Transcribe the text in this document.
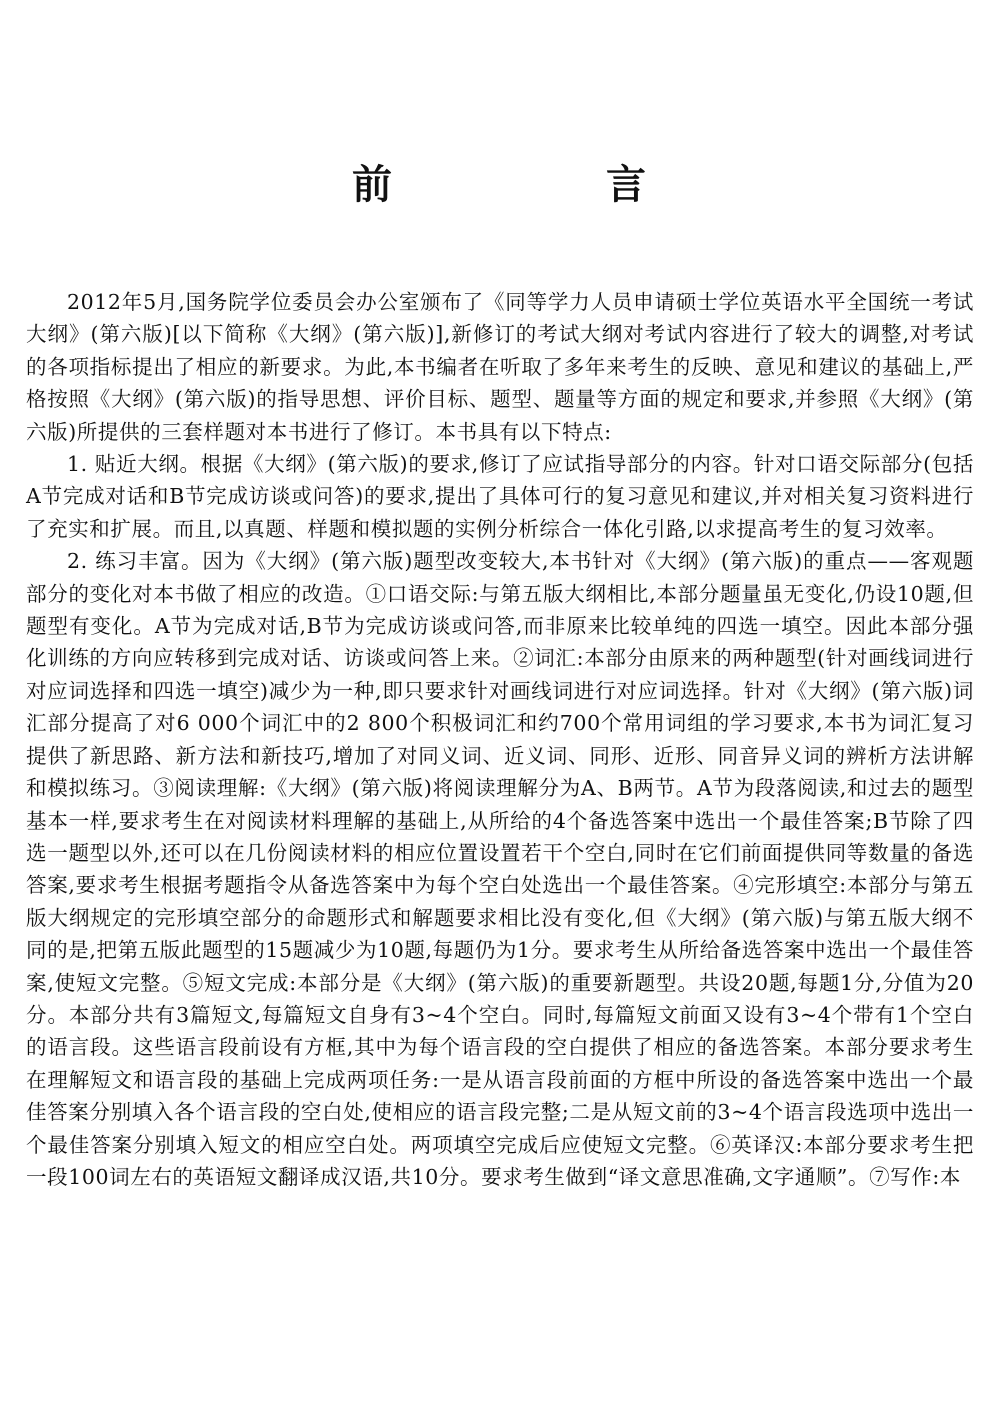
前 言

2012年5月,国务院学位委员会办公室颁布了《同等学力人员申请硕士学位英语水平全国统一考试大纲》(第六版)[以下简称《大纲》(第六版)],新修订的考试大纲对考试内容进行了较大的调整,对考试的各项指标提出了相应的新要求。为此,本书编者在听取了多年来考生的反映、意见和建议的基础上,严格按照《大纲》(第六版)的指导思想、评价目标、题型、题量等方面的规定和要求,并参照《大纲》(第六版)所提供的三套样题对本书进行了修订。本书具有以下特点:

1. 贴近大纲。根据《大纲》(第六版)的要求,修订了应试指导部分的内容。针对口语交际部分(包括A节完成对话和B节完成访谈或问答)的要求,提出了具体可行的复习意见和建议,并对相关复习资料进行了充实和扩展。而且,以真题、样题和模拟题的实例分析综合一体化引路,以求提高考生的复习效率。

2. 练习丰富。因为《大纲》(第六版)题型改变较大,本书针对《大纲》(第六版)的重点——客观题部分的变化对本书做了相应的改造。①口语交际:与第五版大纲相比,本部分题量虽无变化,仍设10题,但题型有变化。A节为完成对话,B节为完成访谈或问答,而非原来比较单纯的四选一填空。因此本部分强化训练的方向应转移到完成对话、访谈或问答上来。②词汇:本部分由原来的两种题型(针对画线词进行对应词选择和四选一填空)减少为一种,即只要求针对画线词进行对应词选择。针对《大纲》(第六版)词汇部分提高了对6 000个词汇中的2 800个积极词汇和约700个常用词组的学习要求,本书为词汇复习提供了新思路、新方法和新技巧,增加了对同义词、近义词、同形、近形、同音异义词的辨析方法讲解和模拟练习。③阅读理解:《大纲》(第六版)将阅读理解分为A、B两节。A节为段落阅读,和过去的题型基本一样,要求考生在对阅读材料理解的基础上,从所给的4个备选答案中选出一个最佳答案;B节除了四选一题型以外,还可以在几份阅读材料的相应位置设置若干个空白,同时在它们前面提供同等数量的备选答案,要求考生根据考题指令从备选答案中为每个空白处选出一个最佳答案。④完形填空:本部分与第五版大纲规定的完形填空部分的命题形式和解题要求相比没有变化,但《大纲》(第六版)与第五版大纲不同的是,把第五版此题型的15题减少为10题,每题仍为1分。要求考生从所给备选答案中选出一个最佳答案,使短文完整。⑤短文完成:本部分是《大纲》(第六版)的重要新题型。共设20题,每题1分,分值为20分。本部分共有3篇短文,每篇短文自身有3~4个空白。同时,每篇短文前面又设有3~4个带有1个空白的语言段。这些语言段前设有方框,其中为每个语言段的空白提供了相应的备选答案。本部分要求考生在理解短文和语言段的基础上完成两项任务:一是从语言段前面的方框中所设的备选答案中选出一个最佳答案分别填入各个语言段的空白处,使相应的语言段完整;二是从短文前的3~4个语言段选项中选出一个最佳答案分别填入短文的相应空白处。两项填空完成后应使短文完整。⑥英译汉:本部分要求考生把一段100词左右的英语短文翻译成汉语,共10分。要求考生做到“译文意思准确,文字通顺”。⑦写作:本
